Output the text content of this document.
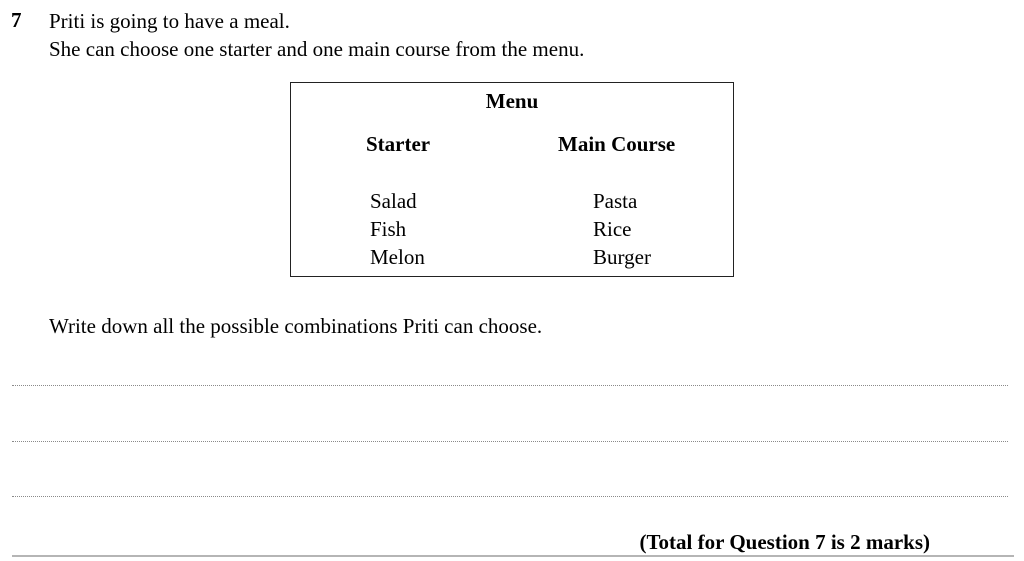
7 Priti is going to have a meal.
She can choose one starter and one main course from the menu.
Menu
Starter	Main Course
Salad
Fish
Melon
Pasta
Rice
Burger
Write down all the possible combinations Priti can choose.
(Total for Question 7 is 2 marks)
